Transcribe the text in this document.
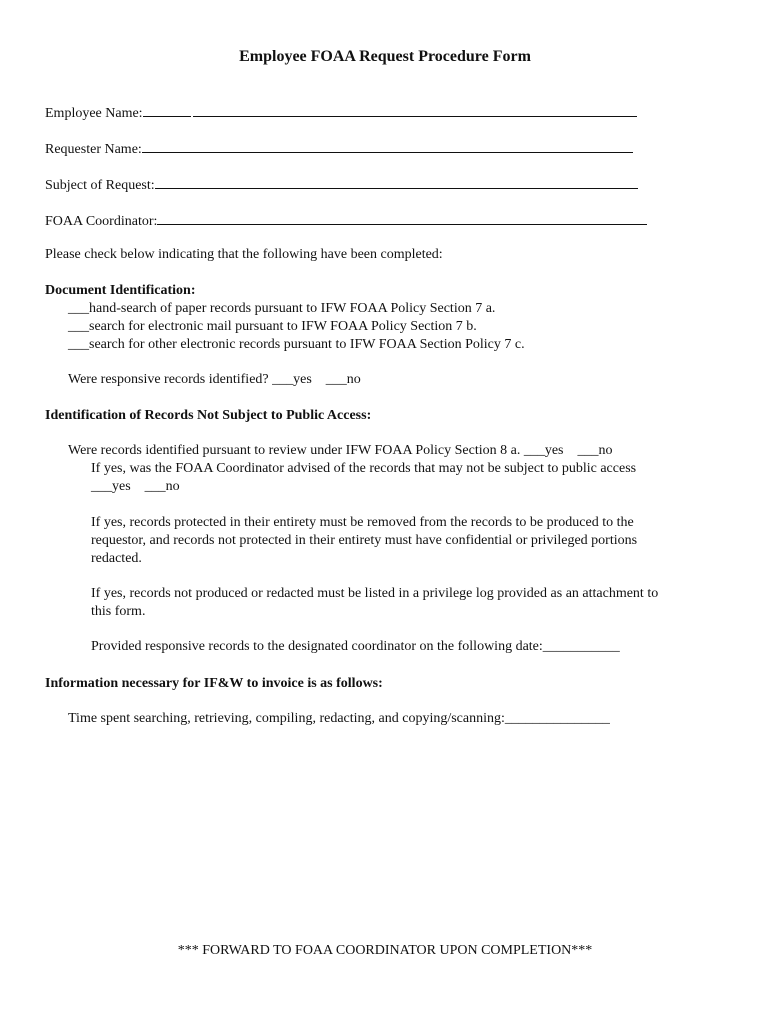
Employee FOAA Request Procedure Form
Employee Name:
Requester Name:
Subject of Request:
FOAA Coordinator:
Please check below indicating that the following have been completed:
Document Identification:
___hand-search of paper records pursuant to IFW FOAA Policy Section 7 a.
___search for electronic mail pursuant to IFW FOAA Policy Section 7 b.
___search for other electronic records pursuant to IFW FOAA Section Policy 7 c.
Were responsive records identified? ___yes    ___no
Identification of Records Not Subject to Public Access:
Were records identified pursuant to review under IFW FOAA Policy Section 8 a. ___yes    ___no
If yes, was the FOAA Coordinator advised of the records that may not be subject to public access
___yes    ___no
If yes, records protected in their entirety must be removed from the records to be produced to the
requestor, and records not protected in their entirety must have confidential or privileged portions
redacted.
If yes, records not produced or redacted must be listed in a privilege log provided as an attachment to
this form.
Provided responsive records to the designated coordinator on the following date:___________
Information necessary for IF&W to invoice is as follows:
Time spent searching, retrieving, compiling, redacting, and copying/scanning:_______________
*** FORWARD TO FOAA COORDINATOR UPON COMPLETION***
